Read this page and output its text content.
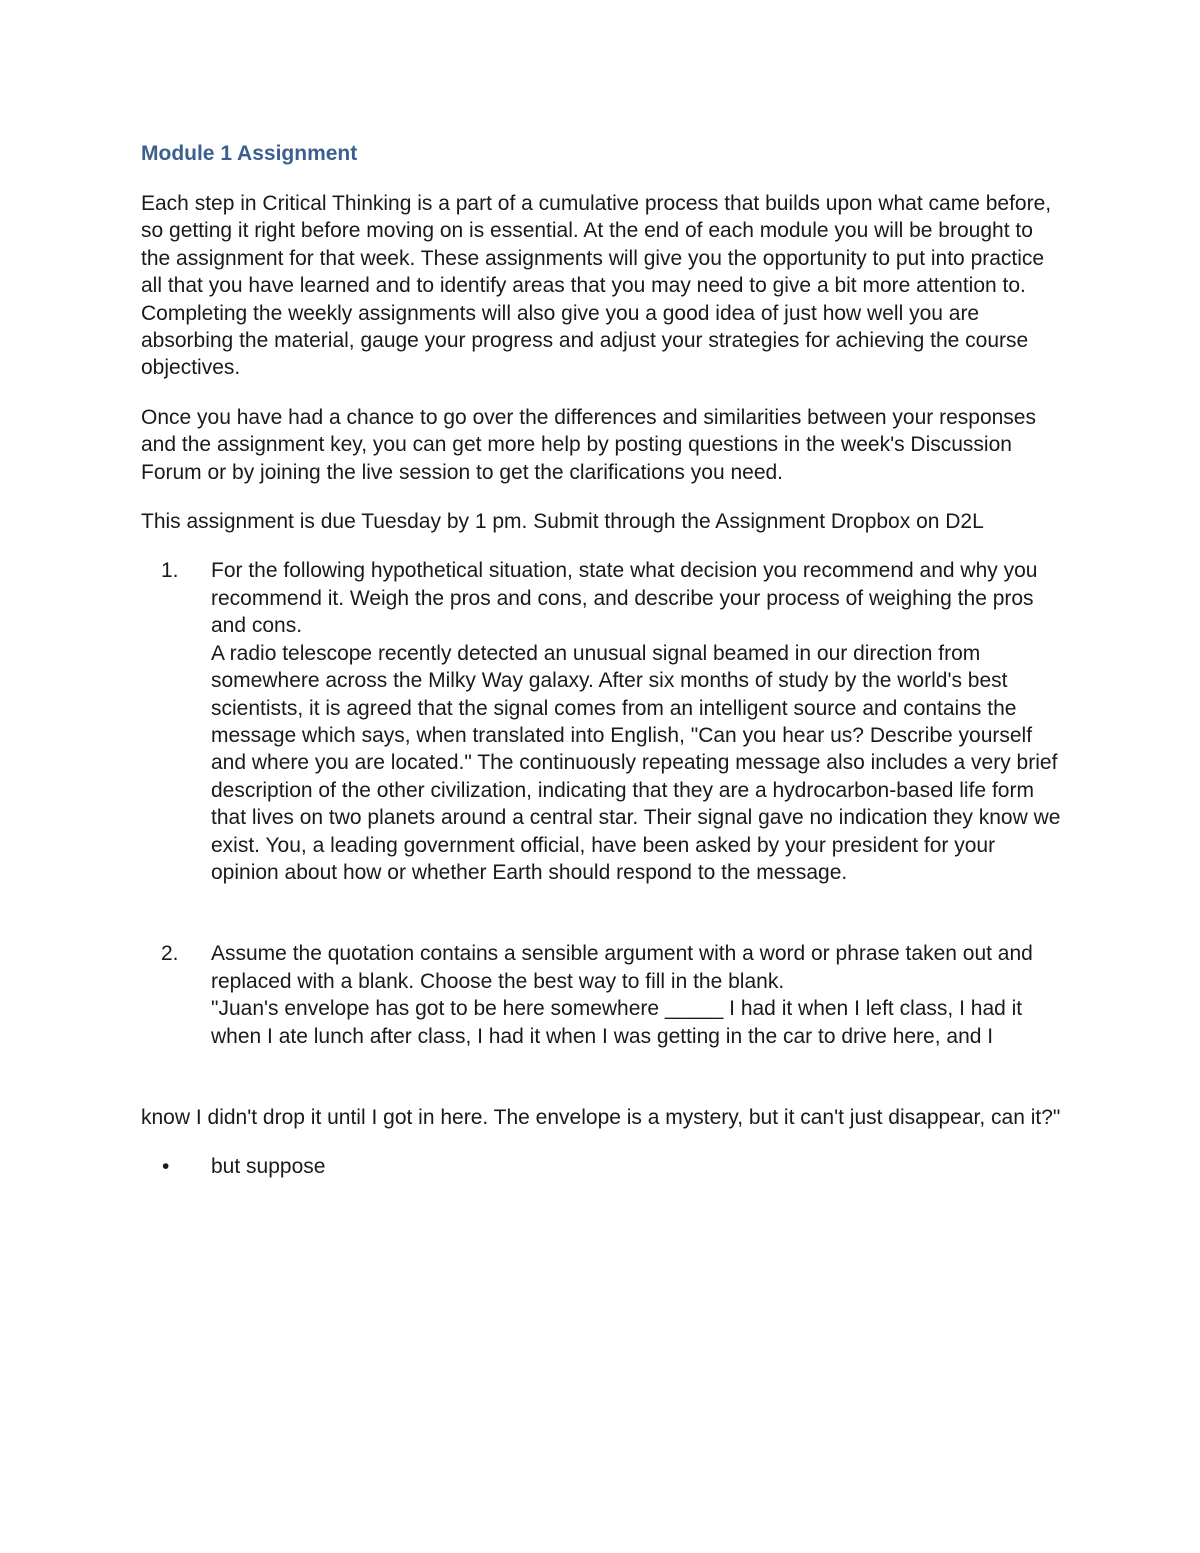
Module 1 Assignment

Each step in Critical Thinking is a part of a cumulative process that builds upon what came before, so getting it right before moving on is essential. At the end of each module you will be brought to the assignment for that week. These assignments will give you the opportunity to put into practice all that you have learned and to identify areas that you may need to give a bit more attention to. Completing the weekly assignments will also give you a good idea of just how well you are absorbing the material, gauge your progress and adjust your strategies for achieving the course objectives.

Once you have had a chance to go over the differences and similarities between your responses and the assignment key, you can get more help by posting questions in the week's Discussion Forum or by joining the live session to get the clarifications you need.

This assignment is due Tuesday by 1 pm. Submit through the Assignment Dropbox on D2L

1. For the following hypothetical situation, state what decision you recommend and why you recommend it. Weigh the pros and cons, and describe your process of weighing the pros and cons.
A radio telescope recently detected an unusual signal beamed in our direction from somewhere across the Milky Way galaxy. After six months of study by the world's best scientists, it is agreed that the signal comes from an intelligent source and contains the message which says, when translated into English, "Can you hear us? Describe yourself and where you are located." The continuously repeating message also includes a very brief description of the other civilization, indicating that they are a hydrocarbon-based life form that lives on two planets around a central star. Their signal gave no indication they know we exist. You, a leading government official, have been asked by your president for your opinion about how or whether Earth should respond to the message.
2. Assume the quotation contains a sensible argument with a word or phrase taken out and replaced with a blank. Choose the best way to fill in the blank.
"Juan's envelope has got to be here somewhere _____ I had it when I left class, I had it when I ate lunch after class, I had it when I was getting in the car to drive here, and I

know I didn't drop it until I got in here. The envelope is a mystery, but it can't just disappear, can it?"

• but suppose
